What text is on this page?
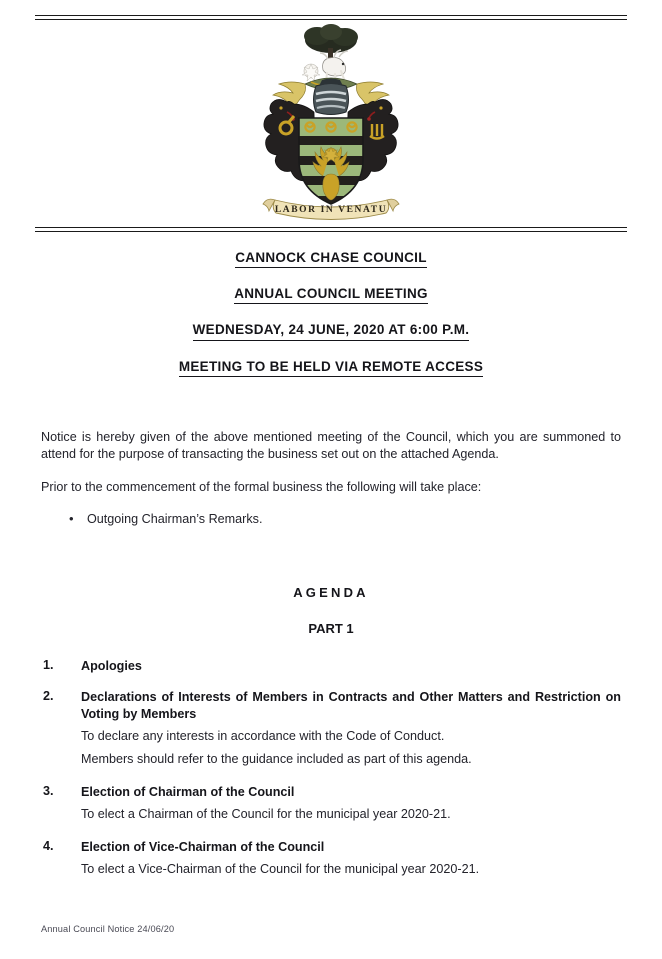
LABOR IN VENATU
CANNOCK CHASE COUNCIL
ANNUAL COUNCIL MEETING
WEDNESDAY, 24 JUNE, 2020 AT 6:00 P.M.
MEETING TO BE HELD VIA REMOTE ACCESS

Notice is hereby given of the above mentioned meeting of the Council, which you are summoned to attend for the purpose of transacting the business set out on the attached Agenda.

Prior to the commencement of the formal business the following will take place:

• Outgoing Chairman’s Remarks.
AGENDA
PART 1
1. Apologies

2. Declarations of Interests of Members in Contracts and Other Matters and Restriction on Voting by Members

To declare any interests in accordance with the Code of Conduct.

Members should refer to the guidance included as part of this agenda.

3. Election of Chairman of the Council

To elect a Chairman of the Council for the municipal year 2020-21.

4. Election of Vice-Chairman of the Council

To elect a Vice-Chairman of the Council for the municipal year 2020-21.

Annual Council Notice 24/06/20
